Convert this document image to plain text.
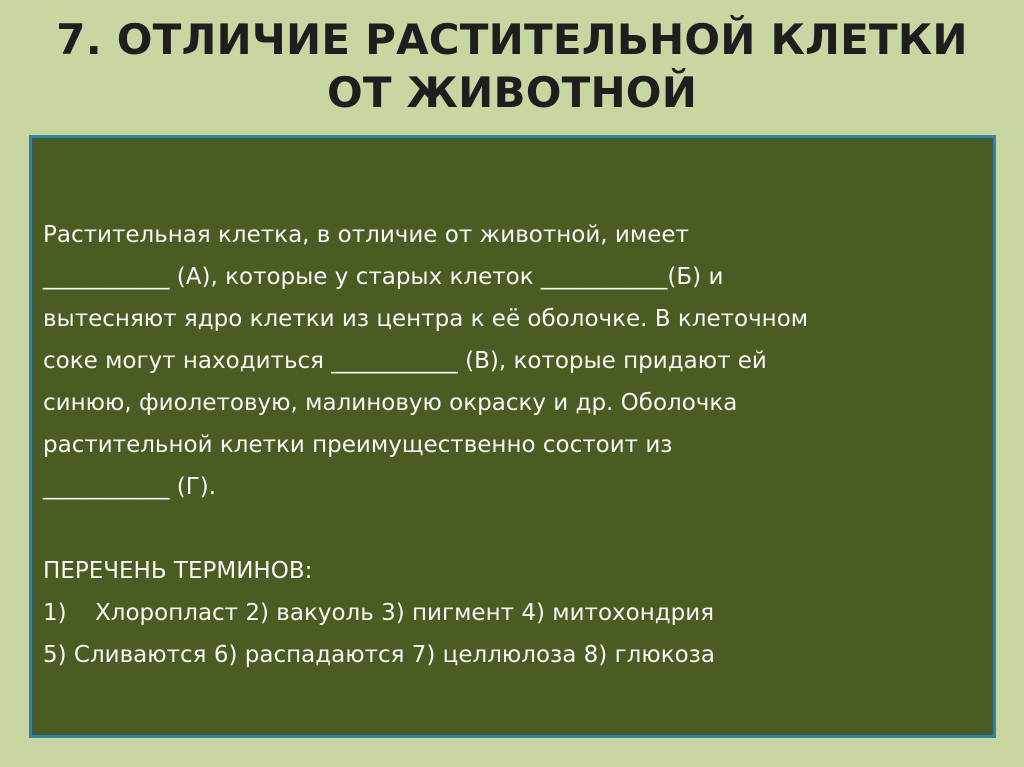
7. ОТЛИЧИЕ РАСТИТЕЛЬНОЙ КЛЕТКИ
ОТ ЖИВОТНОЙ
Растительная клетка, в отличие от животной, имеет
___________ (А), которые у старых клеток ___________(Б) и
вытесняют ядро клетки из центра к её оболочке. В клеточном
соке могут находиться ___________ (В), которые придают ей
синюю, фиолетовую, малиновую окраску и др. Оболочка
растительной клетки преимущественно состоит из
___________ (Г).
ПЕРЕЧЕНЬ ТЕРМИНОВ:
1) Хлоропласт 2) вакуоль 3) пигмент 4) митохондрия
5) Сливаются 6) распадаются 7) целлюлоза 8) глюкоза
